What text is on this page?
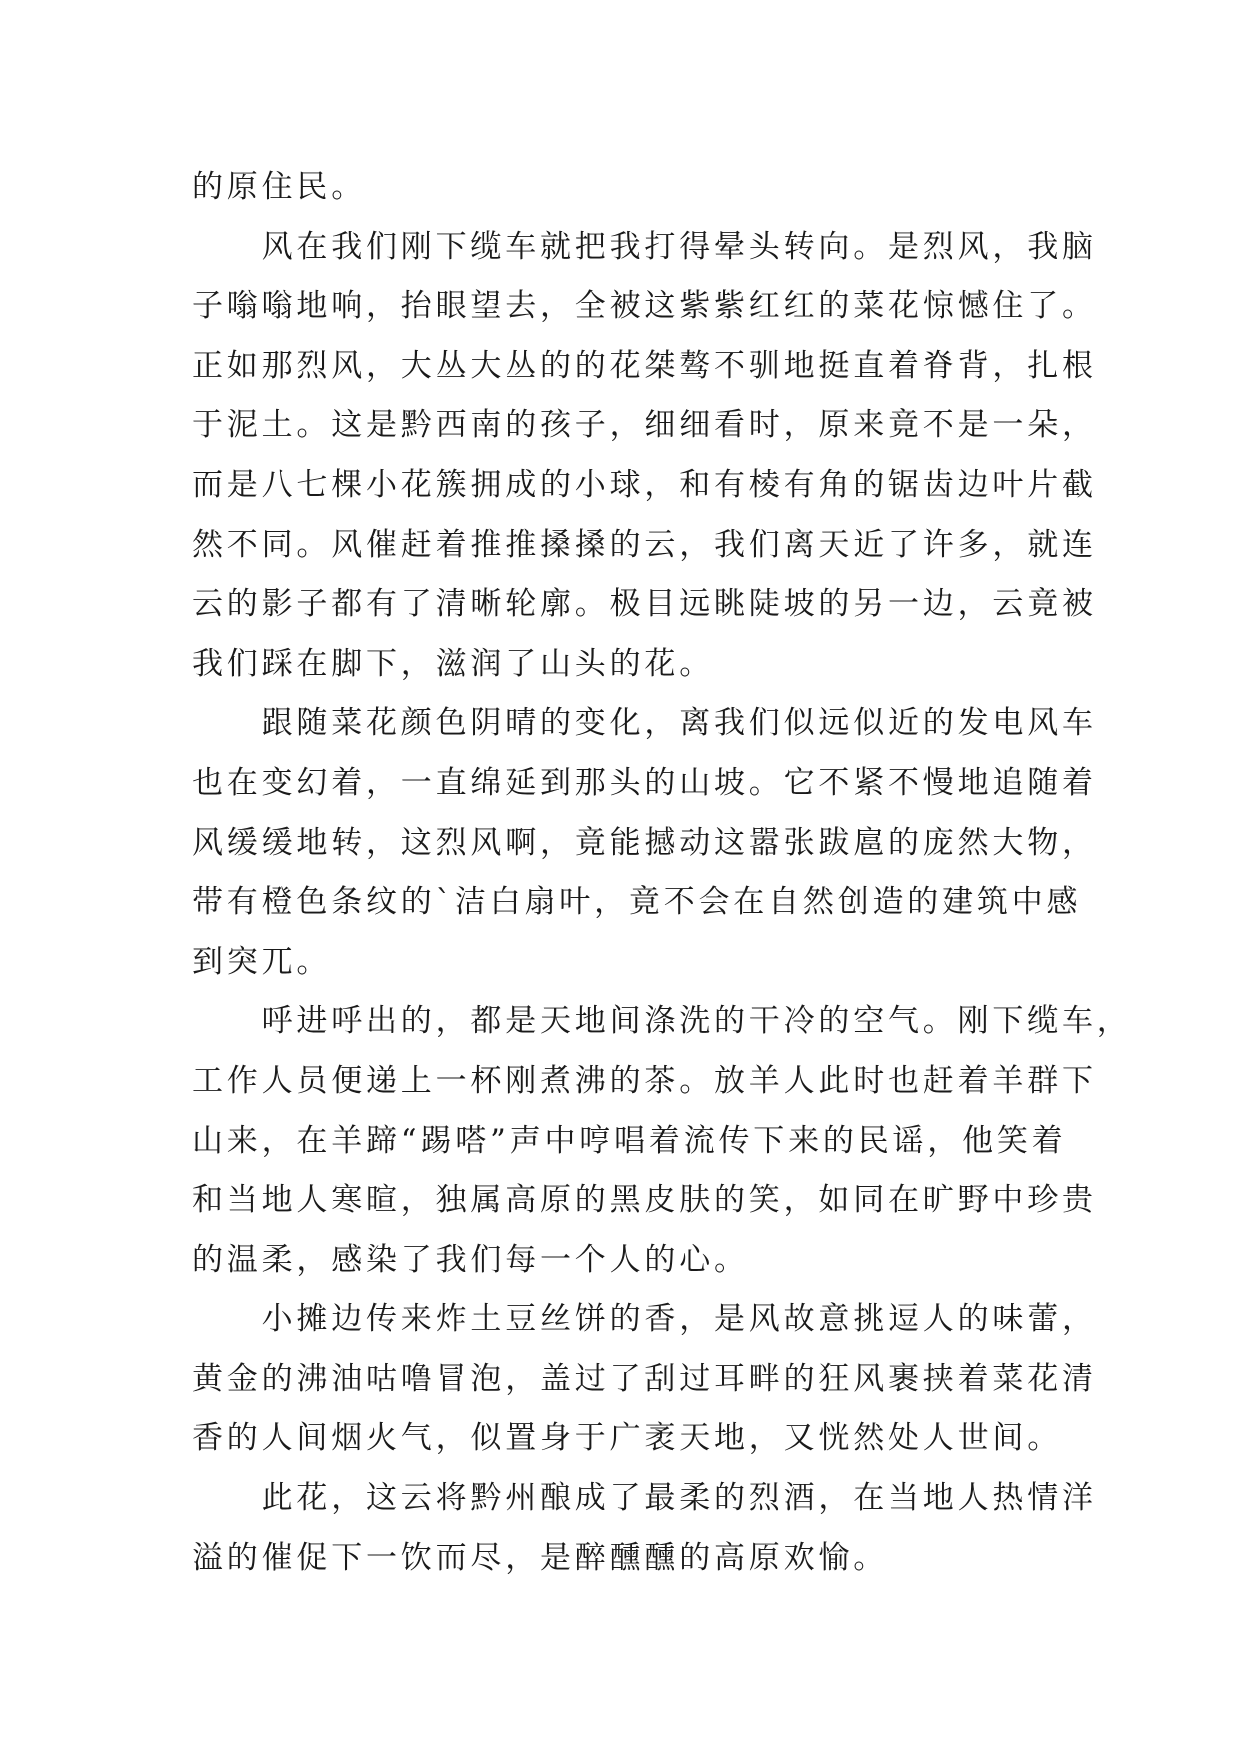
的原住民。
　　风在我们刚下缆车就把我打得晕头转向。是烈风，我脑
子嗡嗡地响，抬眼望去，全被这紫紫红红的菜花惊憾住了。
正如那烈风，大丛大丛的的花桀骜不驯地挺直着脊背，扎根
于泥土。这是黔西南的孩子，细细看时，原来竟不是一朵，
而是八七棵小花簇拥成的小球，和有棱有角的锯齿边叶片截
然不同。风催赶着推推搡搡的云，我们离天近了许多，就连
云的影子都有了清晰轮廓。极目远眺陡坡的另一边，云竟被
我们踩在脚下，滋润了山头的花。
　　跟随菜花颜色阴晴的变化，离我们似远似近的发电风车
也在变幻着，一直绵延到那头的山坡。它不紧不慢地追随着
风缓缓地转，这烈风啊，竟能撼动这嚣张跋扈的庞然大物，
带有橙色条纹的`洁白扇叶，竟不会在自然创造的建筑中感
到突兀。
　　呼进呼出的，都是天地间涤洗的干冷的空气。刚下缆车，
工作人员便递上一杯刚煮沸的茶。放羊人此时也赶着羊群下
山来，在羊蹄“踢嗒”声中哼唱着流传下来的民谣，他笑着
和当地人寒暄，独属高原的黑皮肤的笑，如同在旷野中珍贵
的温柔，感染了我们每一个人的心。
　　小摊边传来炸土豆丝饼的香，是风故意挑逗人的味蕾，
黄金的沸油咕噜冒泡，盖过了刮过耳畔的狂风裹挟着菜花清
香的人间烟火气，似置身于广袤天地，又恍然处人世间。
　　此花，这云将黔州酿成了最柔的烈酒，在当地人热情洋
溢的催促下一饮而尽，是醉醺醺的高原欢愉。
